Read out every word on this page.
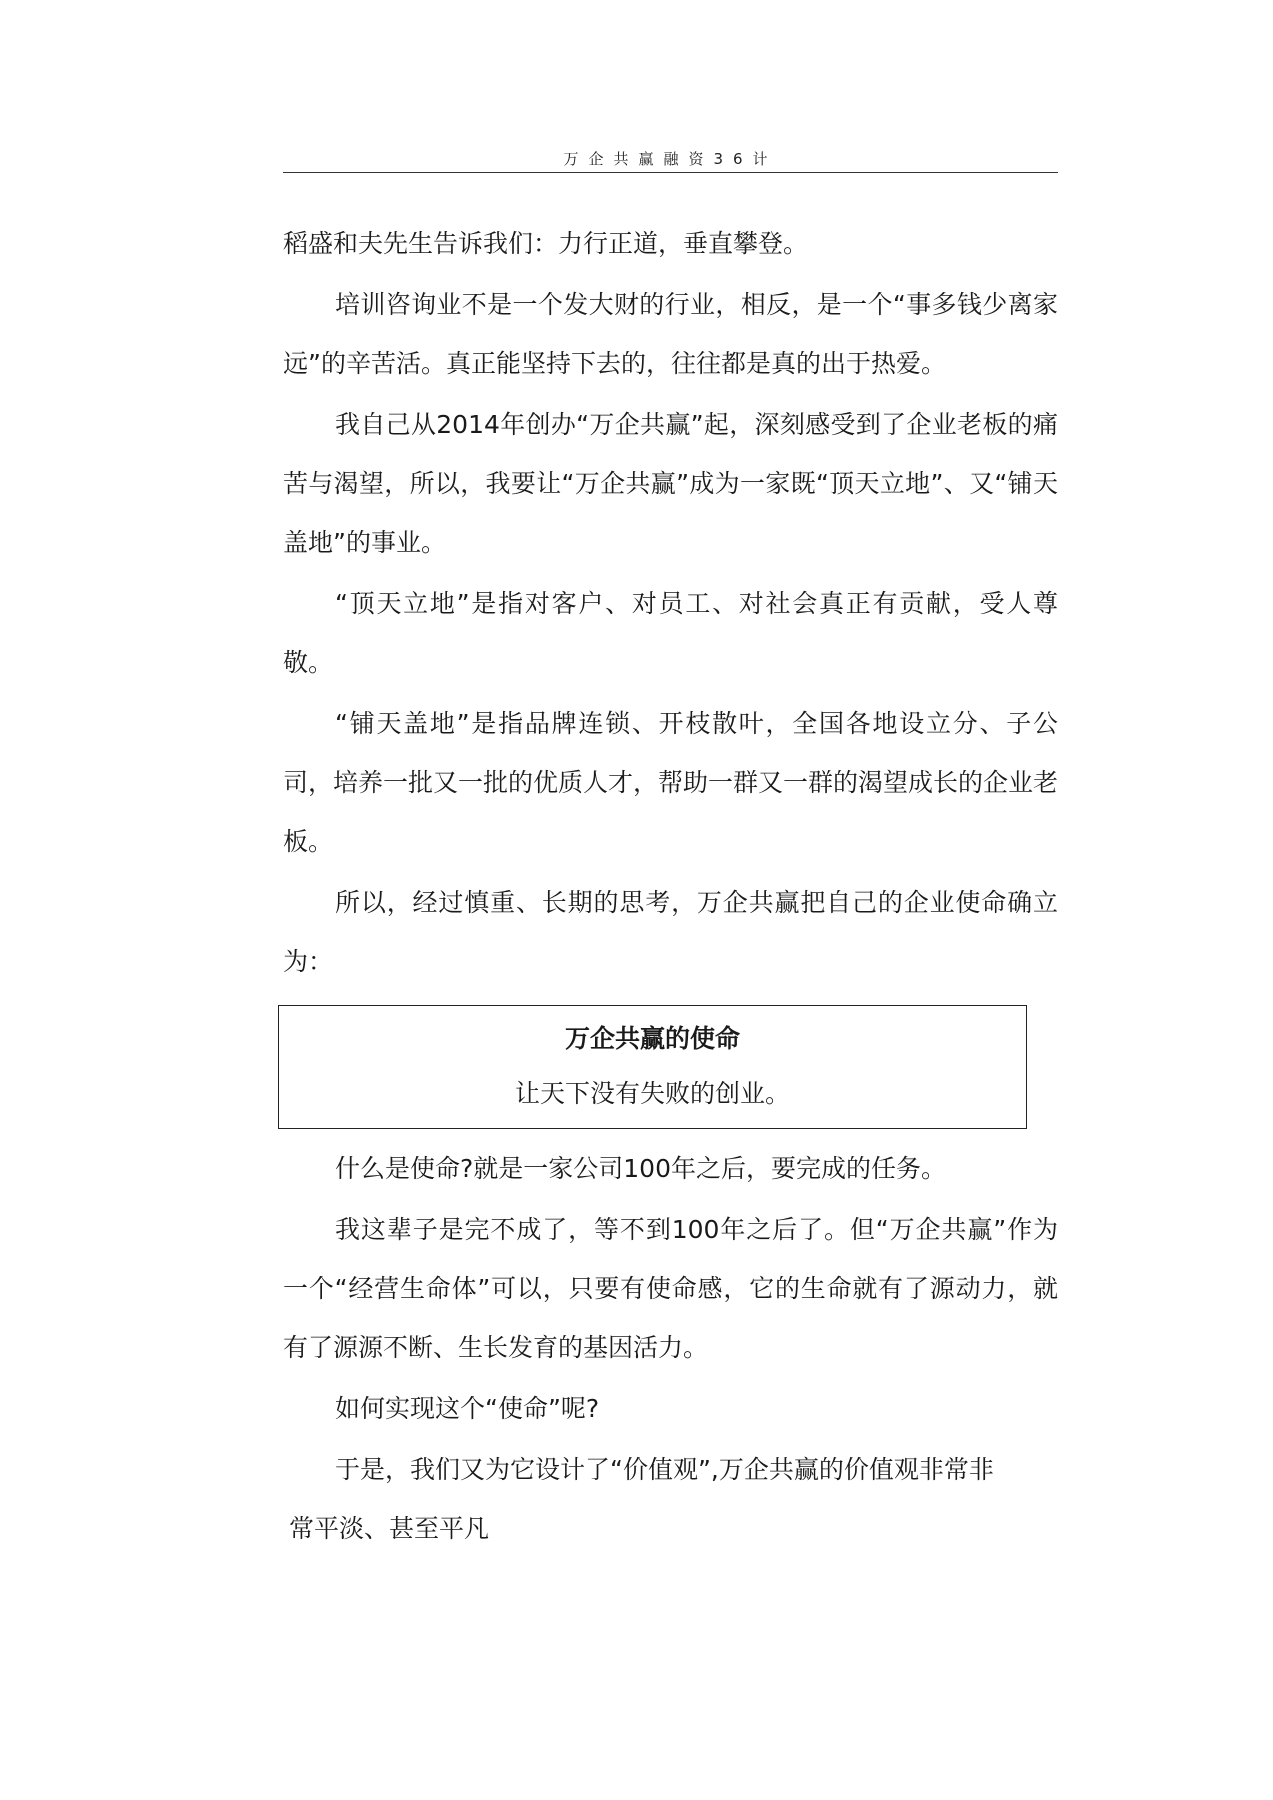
万企共赢融资36计

稻盛和夫先生告诉我们：力行正道，垂直攀登。

培训咨询业不是一个发大财的行业，相反，是一个“事多钱少离家远”的辛苦活。真正能坚持下去的，往往都是真的出于热爱。

我自己从2014年创办“万企共赢”起，深刻感受到了企业老板的痛苦与渴望，所以，我要让“万企共赢”成为一家既“顶天立地”、又“铺天盖地”的事业。

“顶天立地”是指对客户、对员工、对社会真正有贡献，受人尊敬。

“铺天盖地”是指品牌连锁、开枝散叶，全国各地设立分、子公司，培养一批又一批的优质人才，帮助一群又一群的渴望成长的企业老板。

所以，经过慎重、长期的思考，万企共赢把自己的企业使命确立为：

万企共赢的使命
让天下没有失败的创业。

什么是使命?就是一家公司100年之后，要完成的任务。

我这辈子是完不成了，等不到100年之后了。但“万企共赢”作为一个“经营生命体”可以，只要有使命感，它的生命就有了源动力，就有了源源不断、生长发育的基因活力。

如何实现这个“使命”呢?

于是，我们又为它设计了“价值观”,万企共赢的价值观非常非

常平淡、甚至平凡
